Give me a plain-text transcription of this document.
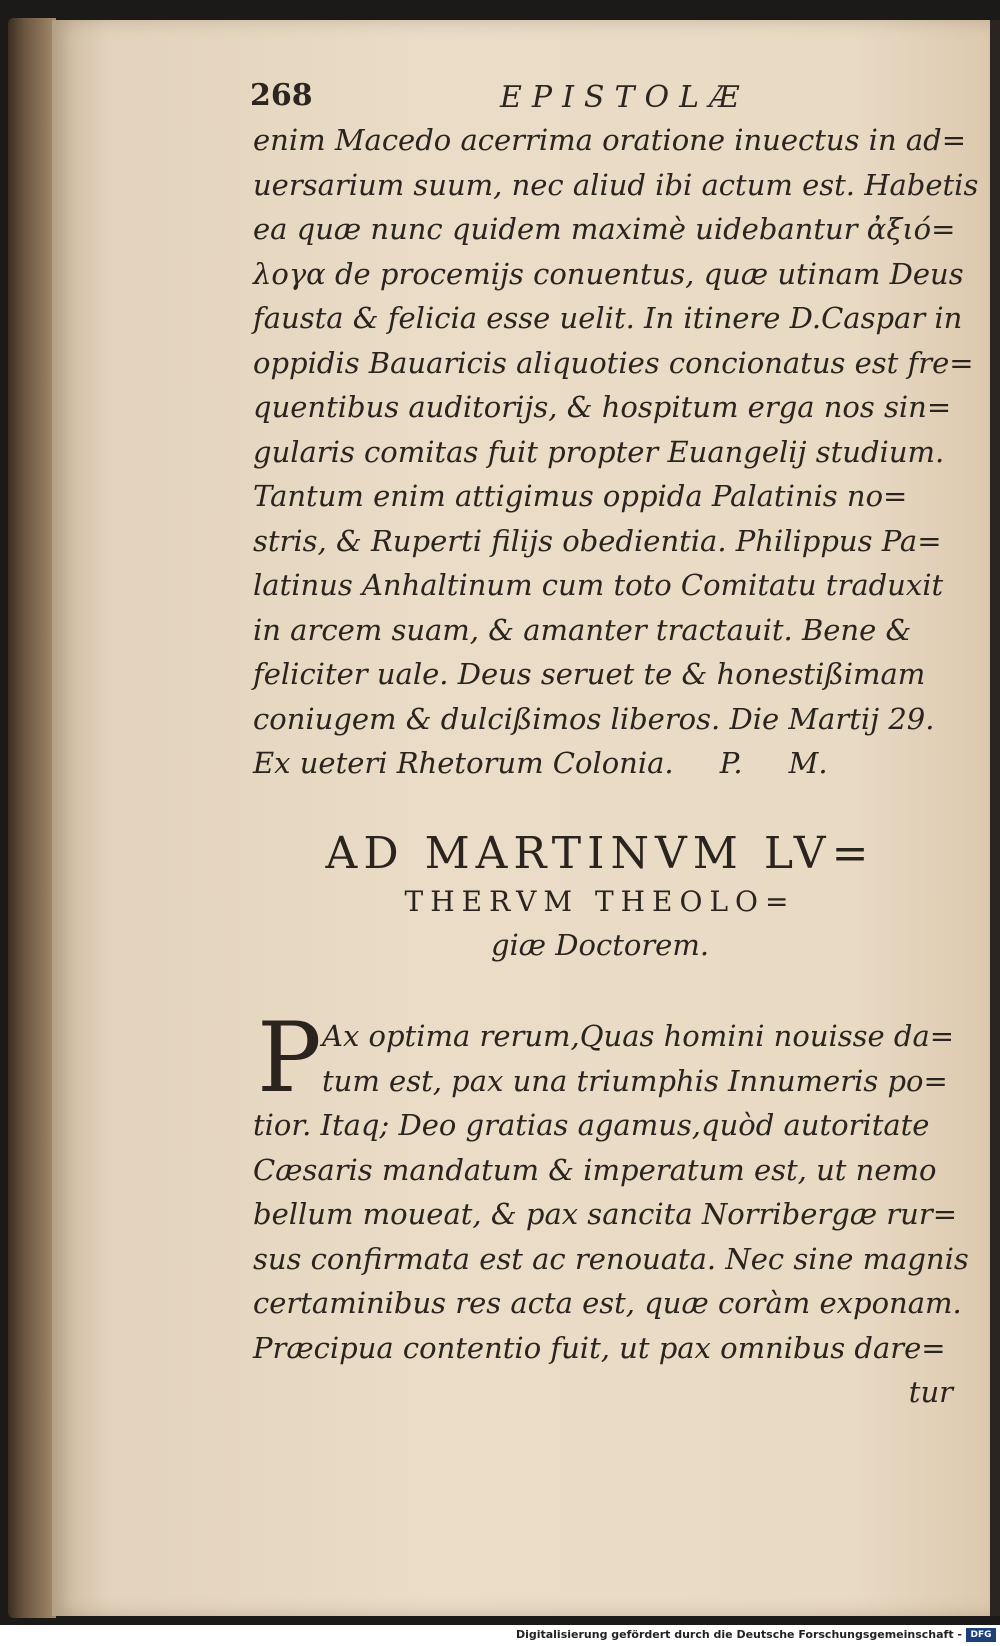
268	EPISTOLÆ
enim Macedo acerrima oratione inuectus in ad=
uersarium suum, nec aliud ibi actum est. Habetis
ea quæ nunc quidem maximè uidebantur ἀξιό=
λογα de procemijs conuentus, quæ utinam Deus
fausta & felicia esse uelit. In itinere D.Caspar in
oppidis Bauaricis aliquoties concionatus est fre=
quentibus auditorijs, & hospitum erga nos sin=
gularis comitas fuit propter Euangelij studium.
Tantum enim attigimus oppida Palatinis no=
stris, & Ruperti filijs obedientia. Philippus Pa=
latinus Anhaltinum cum toto Comitatu traduxit
in arcem suam, & amanter tractauit. Bene &
feliciter uale. Deus seruet te & honestißimam
coniugem & dulcißimos liberos. Die Martij 29.
Ex ueteri Rhetorum Colonia.     P.     M.
AD MARTINVM LV=
THERVM THEOLO=
giæ Doctorem.
P Ax optima rerum,Quas homini nouisse da=
tum est, pax una triumphis Innumeris po=
tior. Itaq; Deo gratias agamus,quòd autoritate
Cæsaris mandatum & imperatum est, ut nemo
bellum moueat, & pax sancita Norribergæ rur=
sus confirmata est ac renouata. Nec sine magnis
certaminibus res acta est, quæ coràm exponam.
Præcipua contentio fuit, ut pax omnibus dare=
tur
Digitalisierung gefördert durch die Deutsche Forschungsgemeinschaft - DFG
